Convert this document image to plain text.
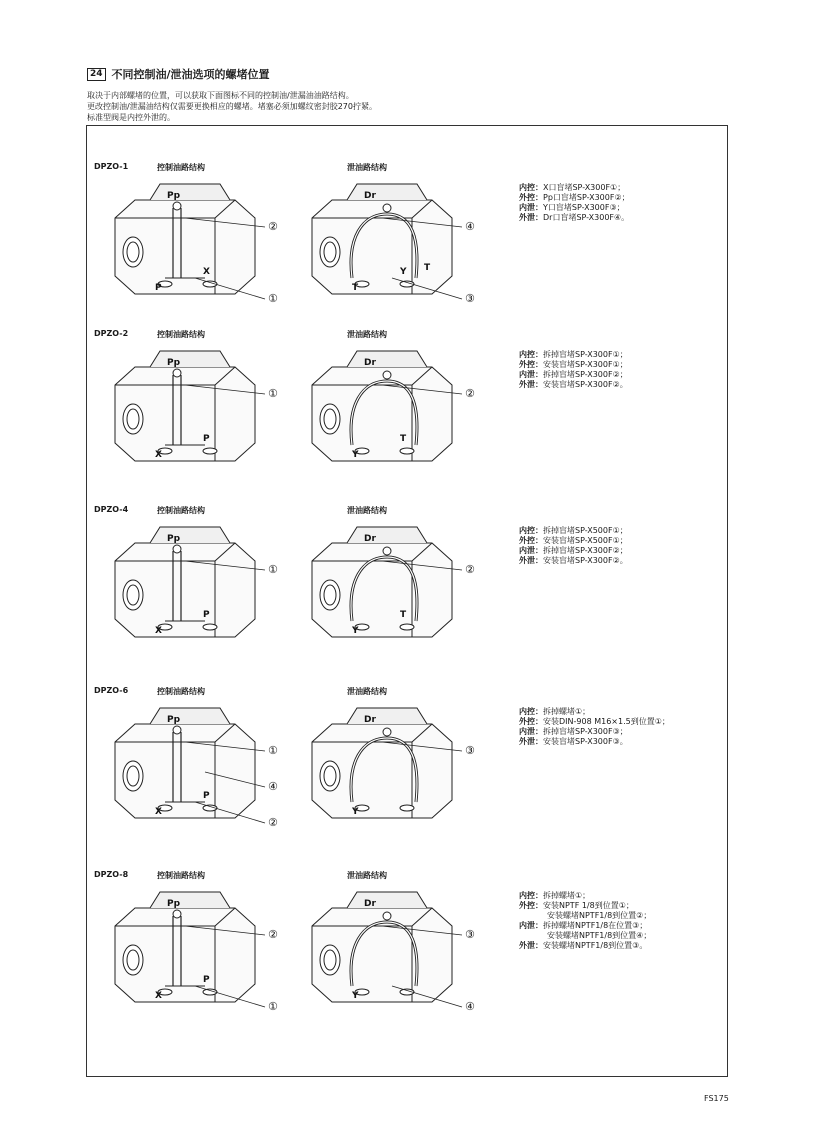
24 不同控制油/泄油选项的螺堵位置
取决于内部螺堵的位置，可以获取下面图标不同的控制油/泄漏油油路结构。
更改控制油/泄漏油结构仅需要更换相应的螺堵。堵塞必须加螺纹密封胶270拧紧。
标准型阀是内控外泄的。
DPZO-1	控制油路结构	泄油路结构
Pp
P
X
②
①
Dr
T
Y T
④
③
内控：X口盲堵SP-X300F①；
外控：Pp口盲堵SP-X300F②；
内泄：Y口盲堵SP-X300F③；
外泄：Dr口盲堵SP-X300F④。
DPZO-2	控制油路结构	泄油路结构
Pp
X
P
①
Dr
Y
T
②
内控：拆掉盲堵SP-X300F①；
外控：安装盲堵SP-X300F①；
内泄：拆掉盲堵SP-X300F②；
外泄：安装盲堵SP-X300F②。
DPZO-4	控制油路结构	泄油路结构
Pp
X
P
①
Dr
Y
T
②
内控：拆掉盲堵SP-X500F①；
外控：安装盲堵SP-X500F①；
内泄：拆掉盲堵SP-X300F②；
外泄：安装盲堵SP-X300F②。
DPZO-6	控制油路结构	泄油路结构
Pp
X
P
①
②
④
Dr
Y
③
内控：拆掉螺堵①；
外控：安装DIN-908 M16×1.5到位置①；
内泄：拆掉盲堵SP-X300F③；
外泄：安装盲堵SP-X300F③。
DPZO-8	控制油路结构	泄油路结构
Pp
X
P
②
①
Dr
Y
③
④
内控：拆掉螺堵①；
外控：安装NPTF 1/8到位置①；
安装螺堵NPTF1/8到位置②；
内泄：拆掉螺堵NPTF1/8在位置③；
安装螺堵NPTF1/8到位置④；
外泄：安装螺堵NPTF1/8到位置③。
FS175
